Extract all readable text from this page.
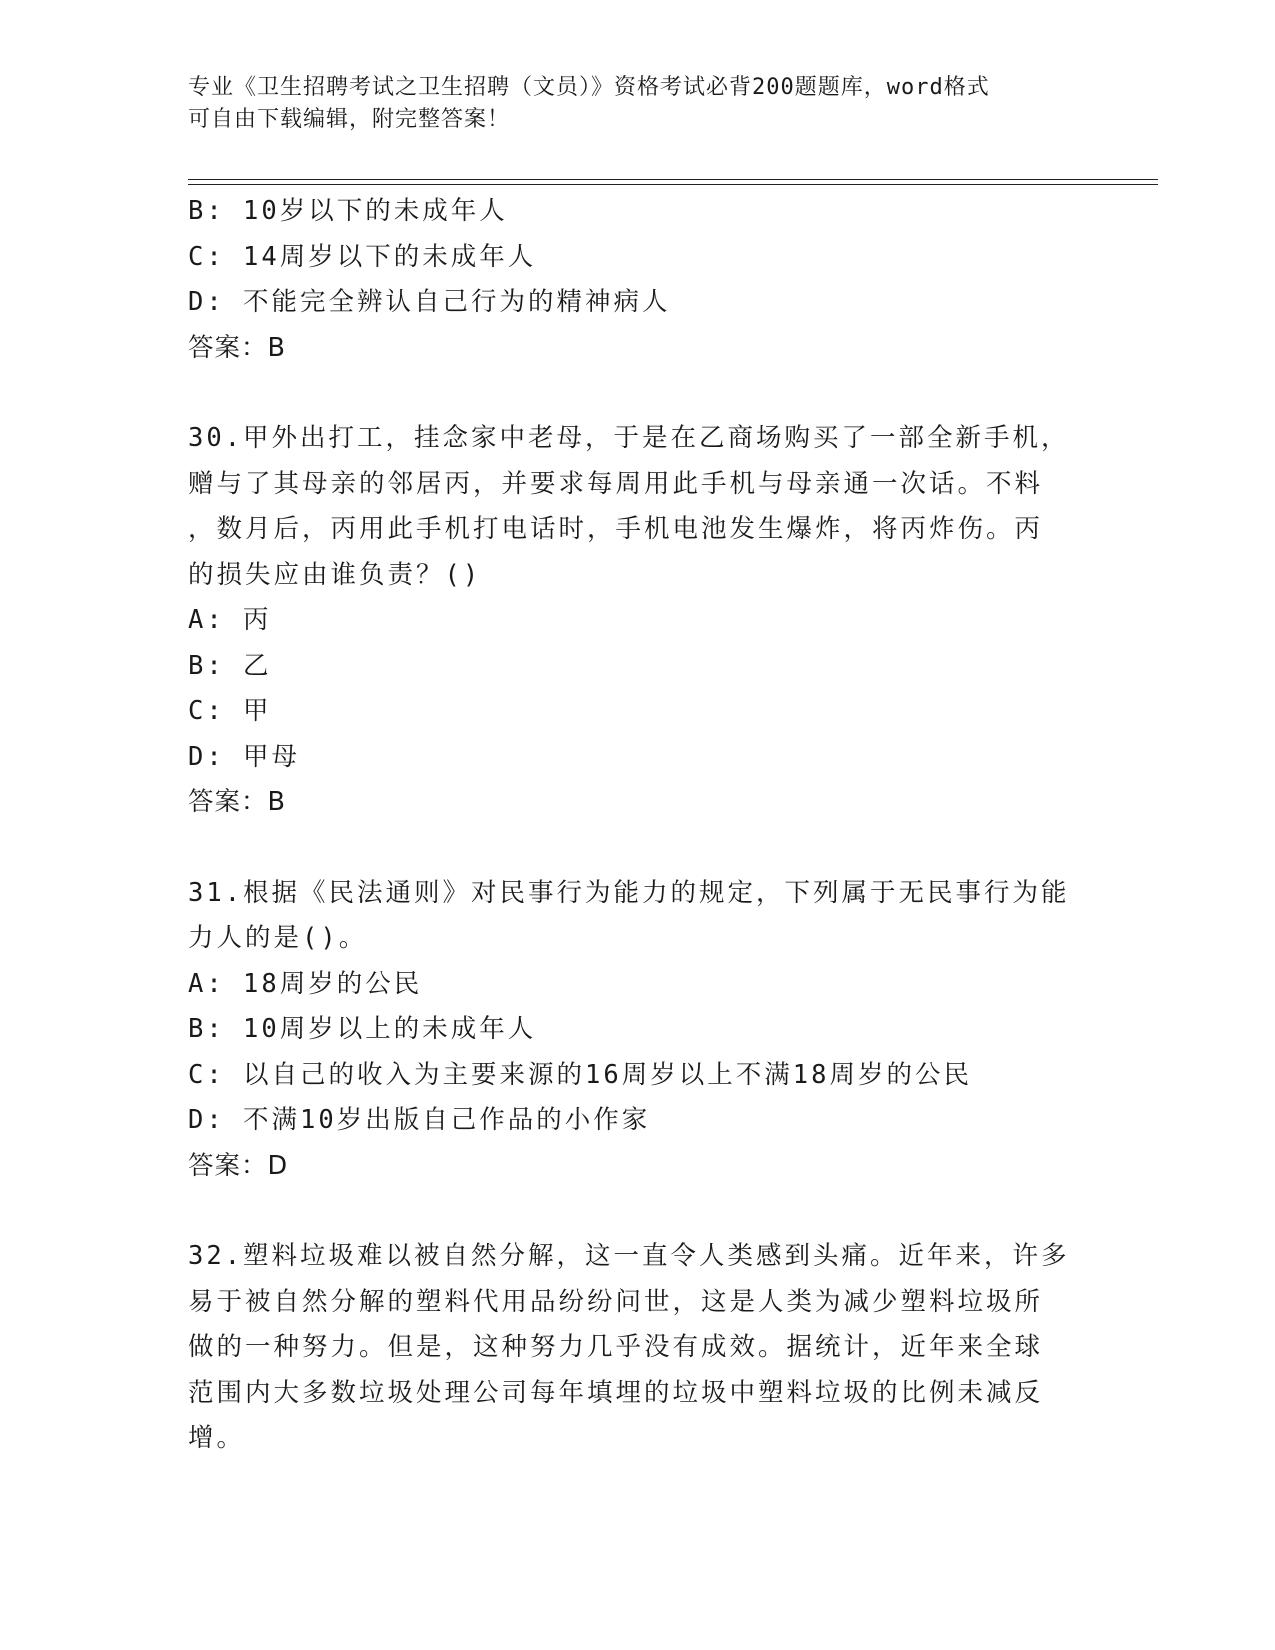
专业《卫生招聘考试之卫生招聘（文员）》资格考试必背200题题库，word格式
可自由下载编辑，附完整答案！
B: 10岁以下的未成年人
C: 14周岁以下的未成年人
D: 不能完全辨认自己行为的精神病人
答案：B
30.甲外出打工，挂念家中老母，于是在乙商场购买了一部全新手机，
赠与了其母亲的邻居丙，并要求每周用此手机与母亲通一次话。不料
，数月后，丙用此手机打电话时，手机电池发生爆炸，将丙炸伤。丙
的损失应由谁负责？()
A: 丙
B: 乙
C: 甲
D: 甲母
答案：B
31.根据《民法通则》对民事行为能力的规定，下列属于无民事行为能
力人的是()。
A: 18周岁的公民
B: 10周岁以上的未成年人
C: 以自己的收入为主要来源的16周岁以上不满18周岁的公民
D: 不满10岁出版自己作品的小作家
答案：D
32.塑料垃圾难以被自然分解，这一直令人类感到头痛。近年来，许多
易于被自然分解的塑料代用品纷纷问世，这是人类为减少塑料垃圾所
做的一种努力。但是，这种努力几乎没有成效。据统计，近年来全球
范围内大多数垃圾处理公司每年填埋的垃圾中塑料垃圾的比例未减反
增。
